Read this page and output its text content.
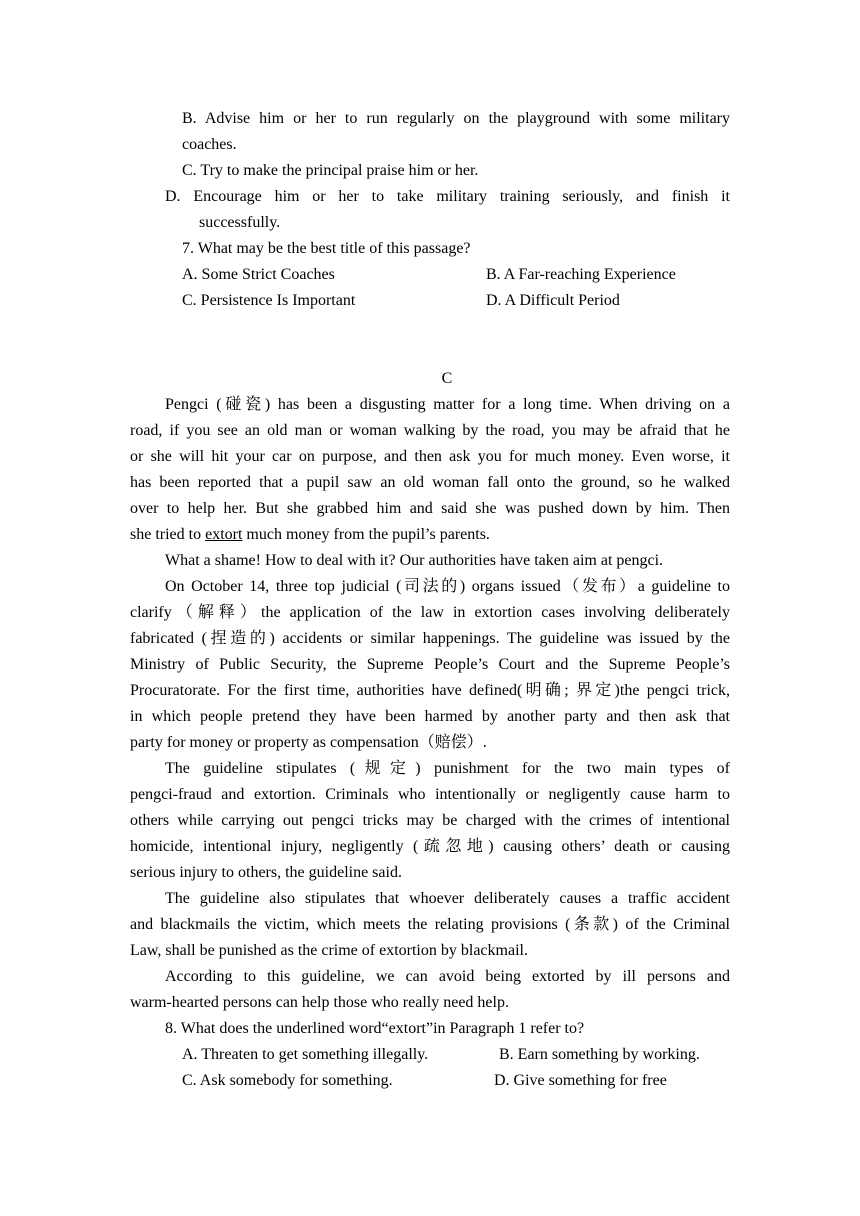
B. Advise him or her to run regularly on the playground with some military
coaches.
C. Try to make the principal praise him or her.
D. Encourage him or her to take military training seriously, and finish it
successfully.
7. What may be the best title of this passage?
A. Some Strict Coaches	B. A Far-reaching Experience
C. Persistence Is Important	D. A Difficult Period
C
Pengci (碰瓷) has been a disgusting matter for a long time. When driving on a
road, if you see an old man or woman walking by the road, you may be afraid that he
or she will hit your car on purpose, and then ask you for much money. Even worse, it
has been reported that a pupil saw an old woman fall onto the ground, so he walked
over to help her. But she grabbed him and said she was pushed down by him. Then
she tried to extort much money from the pupil’s parents.
What a shame! How to deal with it? Our authorities have taken aim at pengci.
On October 14, three top judicial (司法的) organs issued（发布）a guideline to
clarify（解释）the application of the law in extortion cases involving deliberately
fabricated (捏造的) accidents or similar happenings. The guideline was issued by the
Ministry of Public Security, the Supreme People’s Court and the Supreme People’s
Procuratorate. For the first time, authorities have defined(明确; 界定)the pengci trick,
in which people pretend they have been harmed by another party and then ask that
party for money or property as compensation（赔偿）.
The guideline stipulates (规定) punishment for the two main types of
pengci-fraud and extortion. Criminals who intentionally or negligently cause harm to
others while carrying out pengci tricks may be charged with the crimes of intentional
homicide, intentional injury, negligently (疏忽地) causing others’ death or causing
serious injury to others, the guideline said.
The guideline also stipulates that whoever deliberately causes a traffic accident
and blackmails the victim, which meets the relating provisions (条款) of the Criminal
Law, shall be punished as the crime of extortion by blackmail.
According to this guideline, we can avoid being extorted by ill persons and
warm-hearted persons can help those who really need help.
8. What does the underlined word“extort”in Paragraph 1 refer to?
A. Threaten to get something illegally.	B. Earn something by working.
C. Ask somebody for something.	D. Give something for free
